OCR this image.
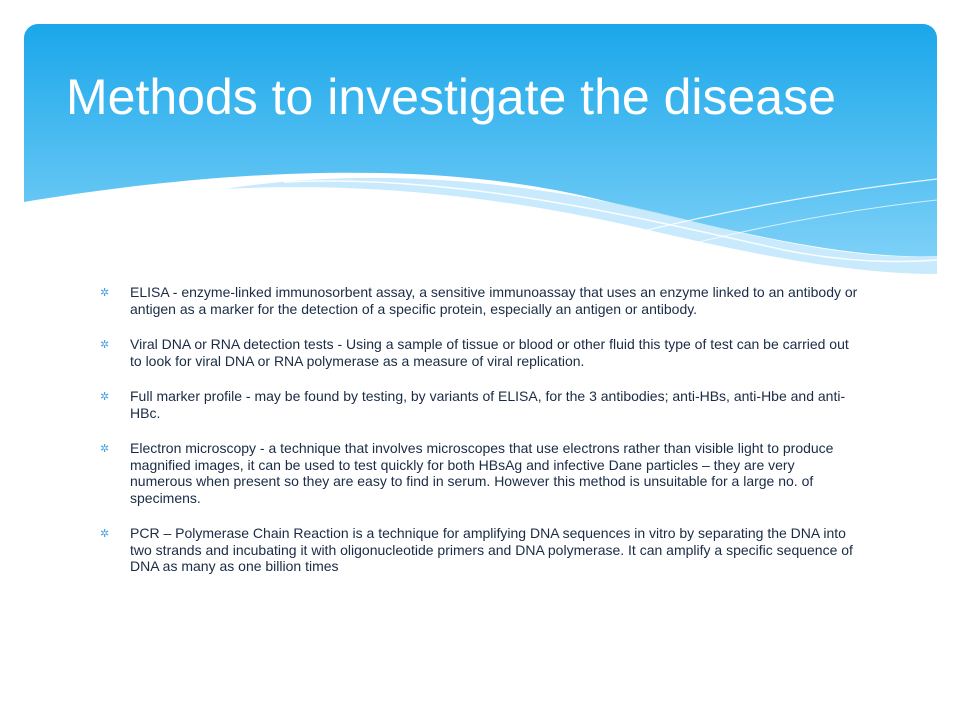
Methods to investigate the disease
✲ ELISA - enzyme-linked immunosorbent assay, a sensitive immunoassay that uses an enzyme linked to an antibody or antigen as a marker for the detection of a specific protein, especially an antigen or antibody.
✲ Viral DNA or RNA detection tests - Using a sample of tissue or blood or other fluid this type of test can be carried out to look for viral DNA or RNA polymerase as a measure of viral replication.
✲ Full marker profile - may be found by testing, by variants of ELISA, for the 3 antibodies; anti-HBs, anti-Hbe and anti-HBc.
✲ Electron microscopy - a technique that involves microscopes that use electrons rather than visible light to produce magnified images, it can be used to test quickly for both HBsAg and infective Dane particles – they are very numerous when present so they are easy to find in serum. However this method is unsuitable for a large no. of specimens.
✲ PCR – Polymerase Chain Reaction is a technique for amplifying DNA sequences in vitro by separating the DNA into two strands and incubating it with oligonucleotide primers and DNA polymerase. It can amplify a specific sequence of DNA as many as one billion times
